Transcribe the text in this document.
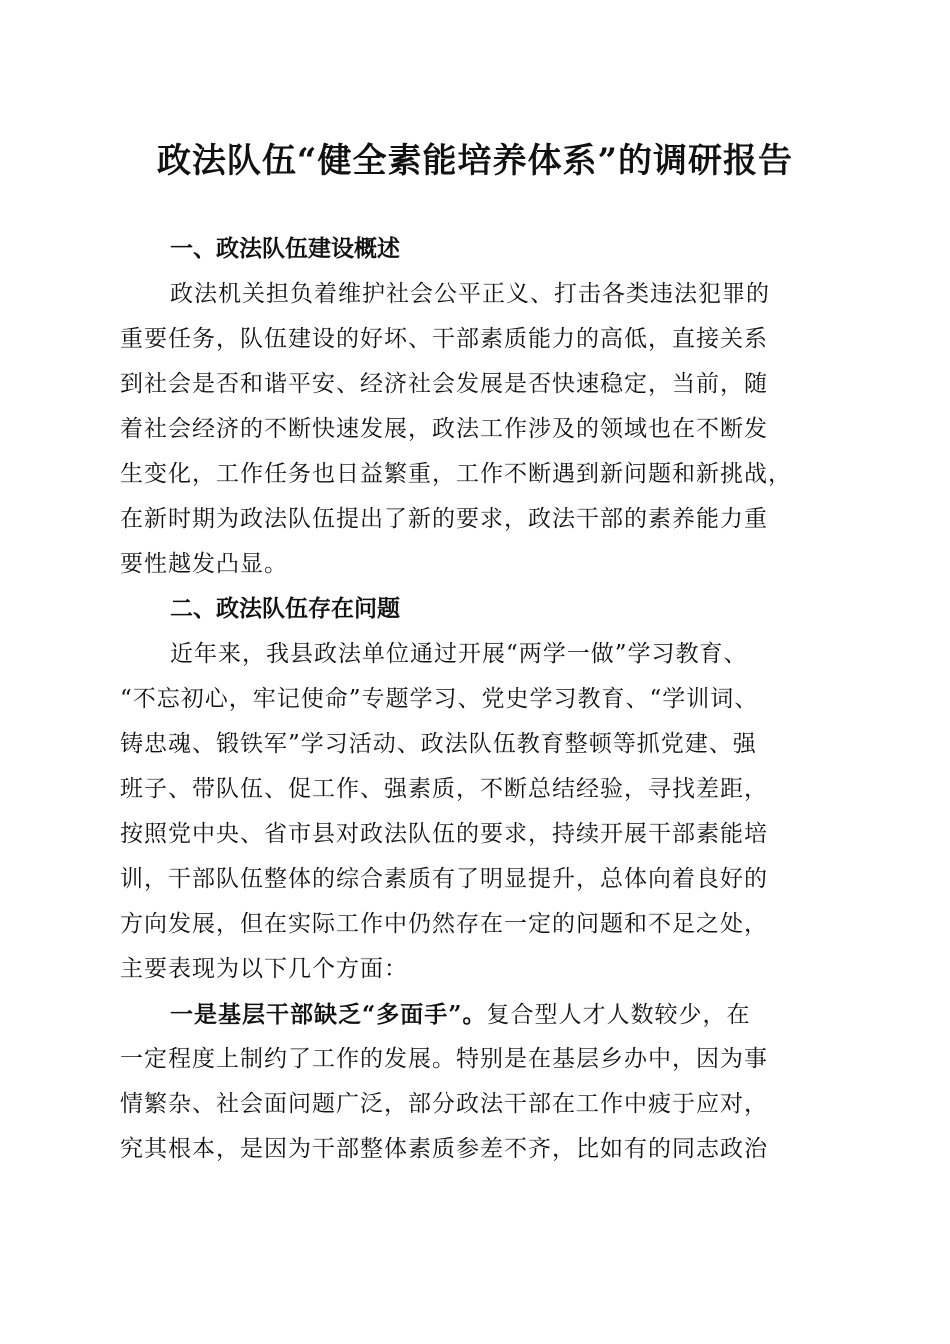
政法队伍“健全素能培养体系”的调研报告

一、政法队伍建设概述

政法机关担负着维护社会公平正义、打击各类违法犯罪的
重要任务，队伍建设的好坏、干部素质能力的高低，直接关系
到社会是否和谐平安、经济社会发展是否快速稳定，当前，随
着社会经济的不断快速发展，政法工作涉及的领域也在不断发
生变化，工作任务也日益繁重，工作不断遇到新问题和新挑战，
在新时期为政法队伍提出了新的要求，政法干部的素养能力重
要性越发凸显。

二、政法队伍存在问题

近年来，我县政法单位通过开展“两学一做”学习教育、
“不忘初心，牢记使命”专题学习、党史学习教育、“学训词、
铸忠魂、锻铁军”学习活动、政法队伍教育整顿等抓党建、强
班子、带队伍、促工作、强素质，不断总结经验，寻找差距，
按照党中央、省市县对政法队伍的要求，持续开展干部素能培
训，干部队伍整体的综合素质有了明显提升，总体向着良好的
方向发展，但在实际工作中仍然存在一定的问题和不足之处，
主要表现为以下几个方面：

一是基层干部缺乏“多面手”。复合型人才人数较少，在
一定程度上制约了工作的发展。特别是在基层乡办中，因为事
情繁杂、社会面问题广泛，部分政法干部在工作中疲于应对，
究其根本，是因为干部整体素质参差不齐，比如有的同志政治
